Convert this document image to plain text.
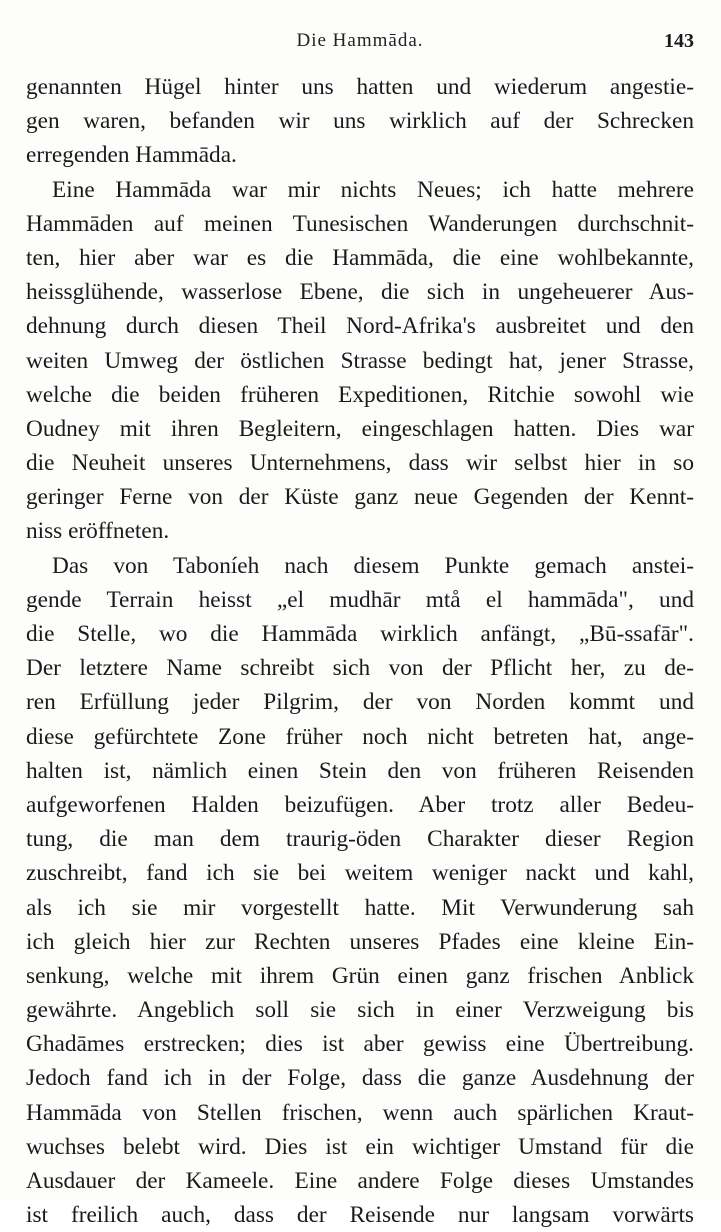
Die Hammāda.	143
genannten Hügel hinter uns hatten und wiederum angestie-
gen waren, befanden wir uns wirklich auf der Schrecken
erregenden Hammāda.
Eine Hammāda war mir nichts Neues; ich hatte mehrere
Hammāden auf meinen Tunesischen Wanderungen durchschnit-
ten, hier aber war es die Hammāda, die eine wohlbekannte,
heissglühende, wasserlose Ebene, die sich in ungeheuerer Aus-
dehnung durch diesen Theil Nord-Afrika's ausbreitet und den
weiten Umweg der östlichen Strasse bedingt hat, jener Strasse,
welche die beiden früheren Expeditionen, Ritchie sowohl wie
Oudney mit ihren Begleitern, eingeschlagen hatten. Dies war
die Neuheit unseres Unternehmens, dass wir selbst hier in so
geringer Ferne von der Küste ganz neue Gegenden der Kennt-
niss eröffneten.
Das von Taboníeh nach diesem Punkte gemach anstei-
gende Terrain heisst „el mudhār mtå el hammāda", und
die Stelle, wo die Hammāda wirklich anfängt, „Bū-ssafār".
Der letztere Name schreibt sich von der Pflicht her, zu de-
ren Erfüllung jeder Pilgrim, der von Norden kommt und
diese gefürchtete Zone früher noch nicht betreten hat, ange-
halten ist, nämlich einen Stein den von früheren Reisenden
aufgeworfenen Halden beizufügen. Aber trotz aller Bedeu-
tung, die man dem traurig-öden Charakter dieser Region
zuschreibt, fand ich sie bei weitem weniger nackt und kahl,
als ich sie mir vorgestellt hatte. Mit Verwunderung sah
ich gleich hier zur Rechten unseres Pfades eine kleine Ein-
senkung, welche mit ihrem Grün einen ganz frischen Anblick
gewährte. Angeblich soll sie sich in einer Verzweigung bis
Ghadāmes erstrecken; dies ist aber gewiss eine Übertreibung.
Jedoch fand ich in der Folge, dass die ganze Ausdehnung der
Hammāda von Stellen frischen, wenn auch spärlichen Kraut-
wuchses belebt wird. Dies ist ein wichtiger Umstand für die
Ausdauer der Kameele. Eine andere Folge dieses Umstandes
ist freilich auch, dass der Reisende nur langsam vorwärts
